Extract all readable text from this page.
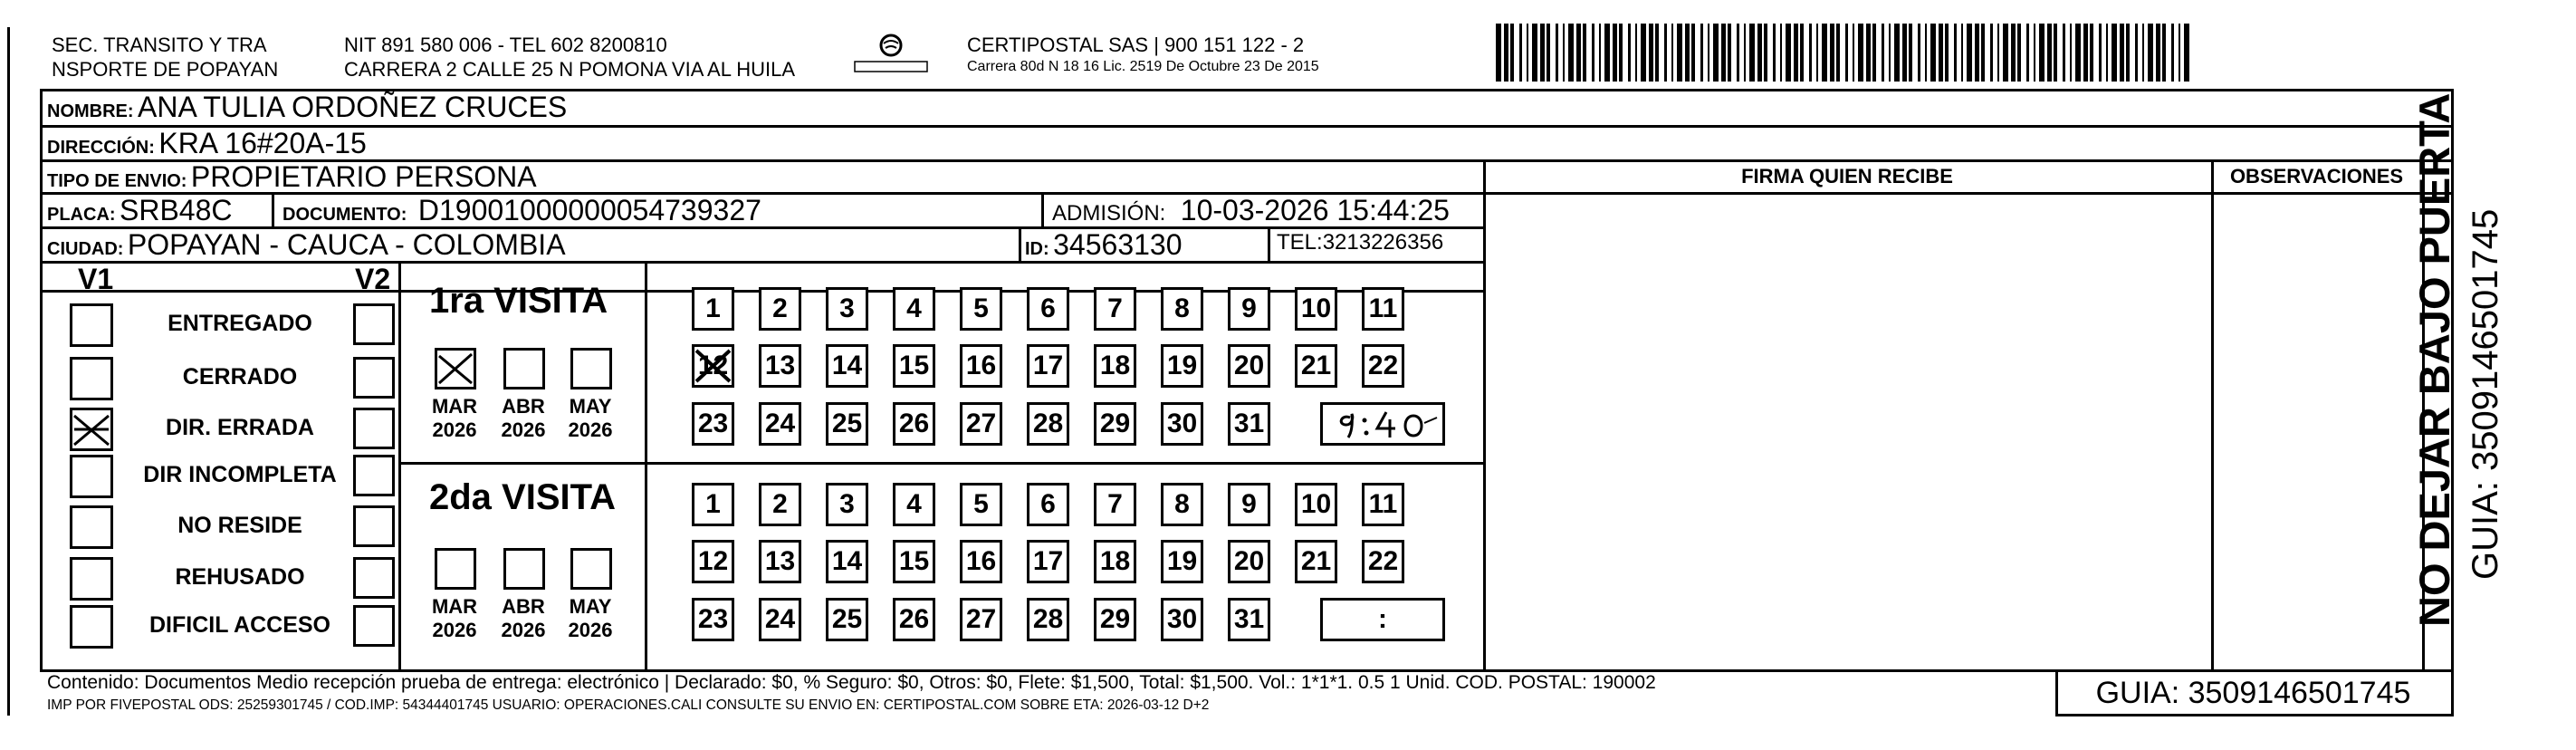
SEC. TRANSITO Y TRA
NSPORTE DE POPAYAN
NIT 891 580 006 - TEL 602 8200810
CARRERA 2 CALLE 25 N POMONA VIA AL HUILA
CERTIPOSTAL SAS | 900 151 122 - 2
Carrera 80d N 18 16 Lic. 2519 De Octubre 23 De 2015
NOMBRE: ANA TULIA ORDOÑEZ CRUCES
DIRECCIÓN: KRA 16#20A-15
TIPO DE ENVIO: PROPIETARIO PERSONA
PLACA: SRB48C	DOCUMENTO: D19001000000054739327	ADMISIÓN: 10-03-2026 15:44:25
CIUDAD: POPAYAN - CAUCA - COLOMBIA	ID: 34563130	TEL:3213226356
FIRMA QUIEN RECIBE	OBSERVACIONES
V1	V2
ENTREGADO
CERRADO
DIR. ERRADA
DIR INCOMPLETA
NO RESIDE
REHUSADO
DIFICIL ACCESO
1ra VISITA
2da VISITA
MAR
2026
ABR
2026
MAY
2026
MAR
2026
ABR
2026
MAY
2026
1	2	3	4	5	6	7	8	9	10 11
12 13 14 15 16 17 18 19 20 21 22
23 24 25 26 27 28 29 30 31
1	2	3	4	5	6	7	8	9	10 11
12 13 14 15 16 17 18 19 20 21 22
23 24 25 26 27 28 29 30 31	:
Contenido: Documentos Medio recepción prueba de entrega: electrónico | Declarado: $0, % Seguro: $0, Otros: $0, Flete: $1,500, Total: $1,500. Vol.: 1*1*1. 0.5 1 Unid. COD. POSTAL: 190002
IMP POR FIVEPOSTAL ODS: 25259301745 / COD.IMP: 54344401745 USUARIO: OPERACIONES.CALI CONSULTE SU ENVIO EN: CERTIPOSTAL.COM SOBRE ETA: 2026-03-12 D+2	GUIA: 3509146501745
NO DEJAR BAJO PUERTA GUIA: 3509146501745
